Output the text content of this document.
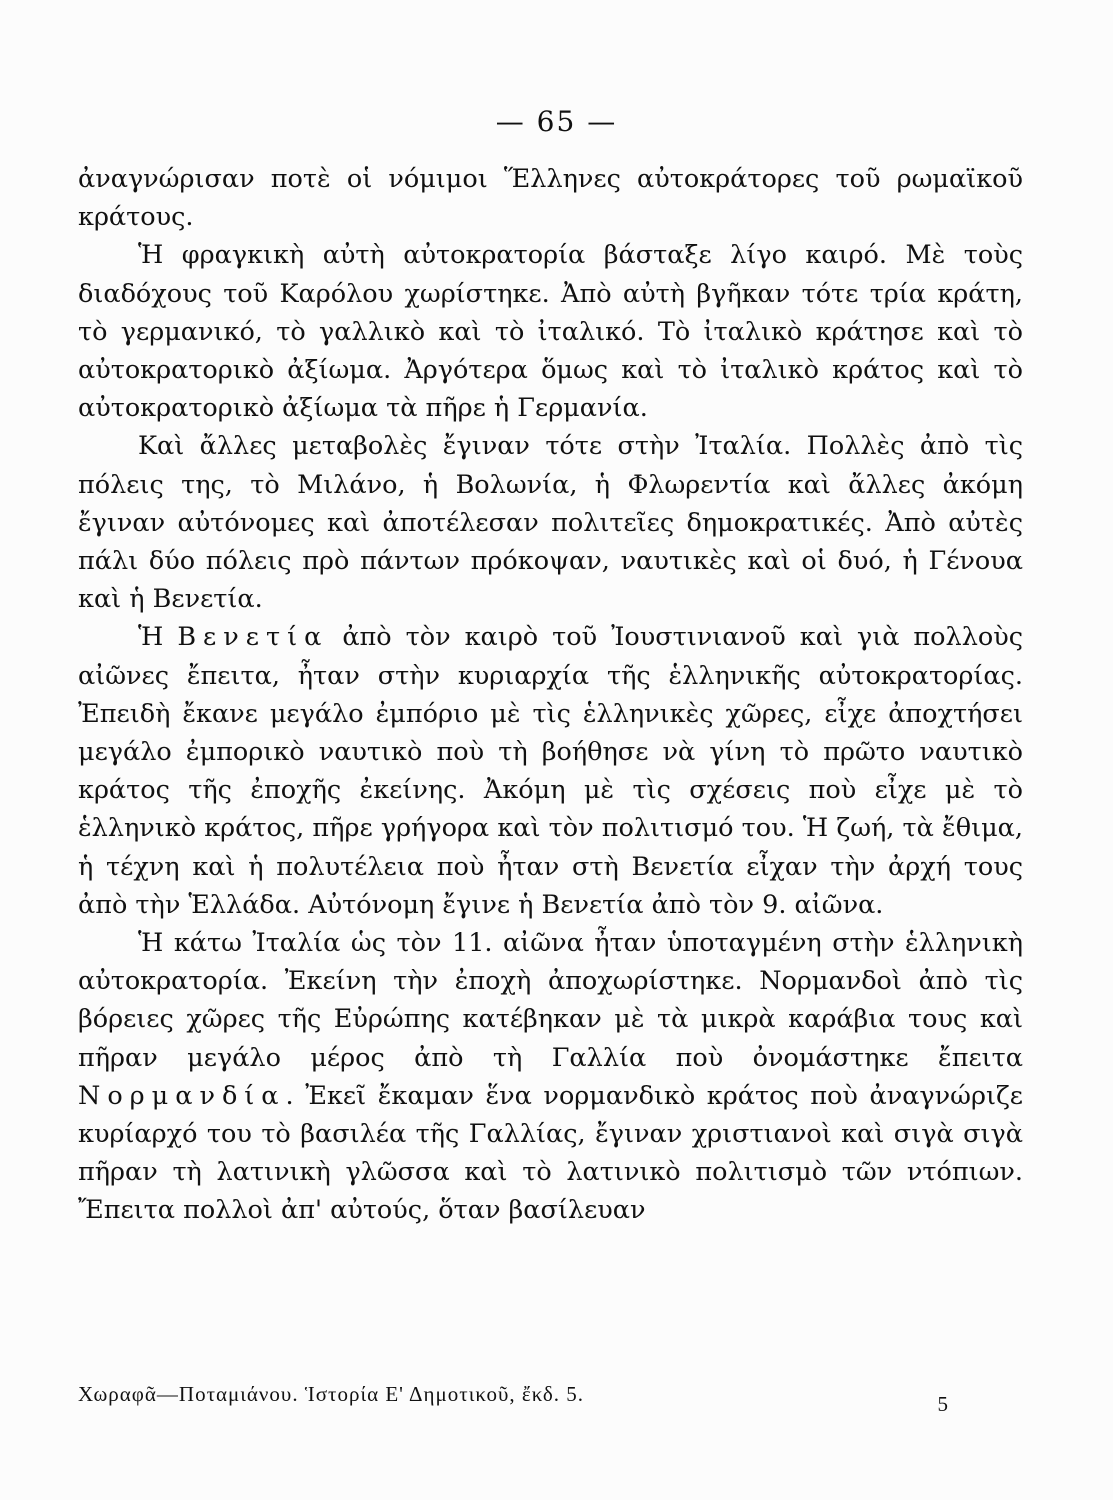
— 65 —

ἀναγνώρισαν ποτὲ οἱ νόμιμοι Ἕλληνες αὐτοκράτορες τοῦ ρωμαϊκοῦ κράτους.

Ἡ φραγκικὴ αὐτὴ αὐτοκρατορία βάσταξε λίγο καιρό. Μὲ τοὺς διαδόχους τοῦ Καρόλου χωρίστηκε. Ἀπὸ αὐτὴ βγῆκαν τότε τρία κράτη, τὸ γερμανικό, τὸ γαλλικὸ καὶ τὸ ἰταλικό. Τὸ ἰταλικὸ κράτησε καὶ τὸ αὐτοκρατορικὸ ἀξίωμα. Ἀργότερα ὅμως καὶ τὸ ἰταλικὸ κράτος καὶ τὸ αὐτοκρατορικὸ ἀξίωμα τὰ πῆρε ἡ Γερμανία.

Καὶ ἄλλες μεταβολὲς ἔγιναν τότε στὴν Ἰταλία. Πολλὲς ἀπὸ τὶς πόλεις της, τὸ Μιλάνο, ἡ Βολωνία, ἡ Φλωρεντία καὶ ἄλλες ἀκόμη ἔγιναν αὐτόνομες καὶ ἀποτέλεσαν πολιτεῖες δημοκρατικές. Ἀπὸ αὐτὲς πάλι δύο πόλεις πρὸ πάντων πρόκοψαν, ναυτικὲς καὶ οἱ δυό, ἡ Γένουα καὶ ἡ Βενετία.

Ἡ Βενετία ἀπὸ τὸν καιρὸ τοῦ Ἰουστινιανοῦ καὶ γιὰ πολλοὺς αἰῶνες ἔπειτα, ἦταν στὴν κυριαρχία τῆς ἑλληνικῆς αὐτοκρατορίας. Ἐπειδὴ ἔκανε μεγάλο ἐμπόριο μὲ τὶς ἑλληνικὲς χῶρες, εἶχε ἀποχτήσει μεγάλο ἐμπορικὸ ναυτικὸ ποὺ τὴ βοήθησε νὰ γίνη τὸ πρῶτο ναυτικὸ κράτος τῆς ἐποχῆς ἐκείνης. Ἀκόμη μὲ τὶς σχέσεις ποὺ εἶχε μὲ τὸ ἑλληνικὸ κράτος, πῆρε γρήγορα καὶ τὸν πολιτισμό του. Ἡ ζωή, τὰ ἔθιμα, ἡ τέχνη καὶ ἡ πολυτέλεια ποὺ ἦταν στὴ Βενετία εἶχαν τὴν ἀρχή τους ἀπὸ τὴν Ἑλλάδα. Αὐτόνομη ἔγινε ἡ Βενετία ἀπὸ τὸν 9. αἰῶνα.

Ἡ κάτω Ἰταλία ὡς τὸν 11. αἰῶνα ἦταν ὑποταγμένη στὴν ἑλληνικὴ αὐτοκρατορία. Ἐκείνη τὴν ἐποχὴ ἀποχωρίστηκε. Νορμανδοὶ ἀπὸ τὶς βόρειες χῶρες τῆς Εὐρώπης κατέβηκαν μὲ τὰ μικρὰ καράβια τους καὶ πῆραν μεγάλο μέρος ἀπὸ τὴ Γαλλία ποὺ ὀνομάστηκε ἔπειτα Νορμανδία. Ἐκεῖ ἔκαμαν ἕνα νορμανδικὸ κράτος ποὺ ἀναγνώριζε κυρίαρχό του τὸ βασιλέα τῆς Γαλλίας, ἔγιναν χριστιανοὶ καὶ σιγὰ σιγὰ πῆραν τὴ λατινικὴ γλῶσσα καὶ τὸ λατινικὸ πολιτισμὸ τῶν ντόπιων. Ἔπειτα πολλοὶ ἀπ' αὐτούς, ὅταν βασίλευαν

Χωραφᾶ—Ποταμιάνου. Ἱστορία Ε' Δημοτικοῦ, ἔκδ. 5.	5
